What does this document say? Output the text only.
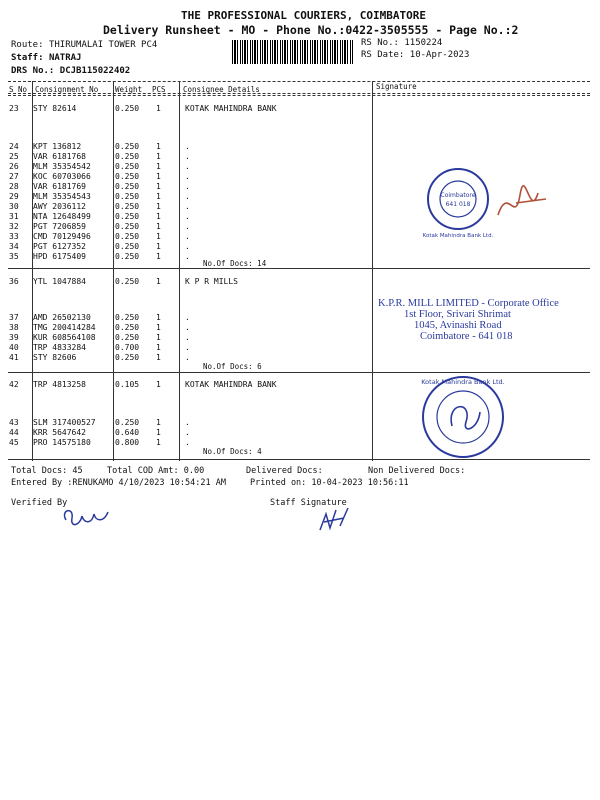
THE PROFESSIONAL COURIERS, COIMBATORE
Delivery Runsheet - MO - Phone No.:0422-3505555 - Page No.:2
Route: THIRUMALAI TOWER PC4
Staff: NATRAJ
DRS No.: DCJB115022402
RS No.: 1150224
RS Date: 10-Apr-2023
S No Consignment No Weight PCS Consignee Details	Signature
23 STY 82614	0.250 1	KOTAK MAHINDRA BANK
24 KPT 136812	0.250 1	.
25 VAR 6181768	0.250 1	.
26 MLM 35354542	0.250 1	.
27 KOC 60703066	0.250 1	.
28 VAR 6181769	0.250 1	.
29 MLM 35354543	0.250 1	.
30 AWY 2036112	0.250 1	.
31 NTA 12648499	0.250 1	.
32 PGT 7206859	0.250 1	.
33 CMD 70129496	0.250 1	.
34 PGT 6127352	0.250 1	.
35 HPD 6175409	0.250 1	.
No.Of Docs: 14
36 YTL 1047884	0.250 1	K P R MILLS
37 AMD 26502130	0.250 1	.
38 TMG 200414284 0.250 1	.
39 KUR 608564108 0.250 1	.
40 TRP 4833284	0.700 1	.
41 STY 82606	0.250 1	.
No.Of Docs: 6
42 TRP 4813258	0.105 1	KOTAK MAHINDRA BANK
43 SLM 317400527 0.250 1	.
44 KRR 5647642	0.640 1	.
45 PRO 14575180	0.800 1	.
No.Of Docs: 4
Coimbatore
641 018
Kotak Mahindra Bank Ltd.
K.P.R. MILL LIMITED - Corporate Office
1st Floor, Srivari Shrimat
1045, Avinashi Road
Coimbatore - 641 018
Kotak Mahindra Bank Ltd.
Total Docs: 45	Total COD Amt: 0.00	Delivered Docs:	Non Delivered Docs:
Entered By :RENUKAMO 4/10/2023 10:54:21 AM	Printed on: 10-04-2023 10:56:11
Verified By	Staff Signature
